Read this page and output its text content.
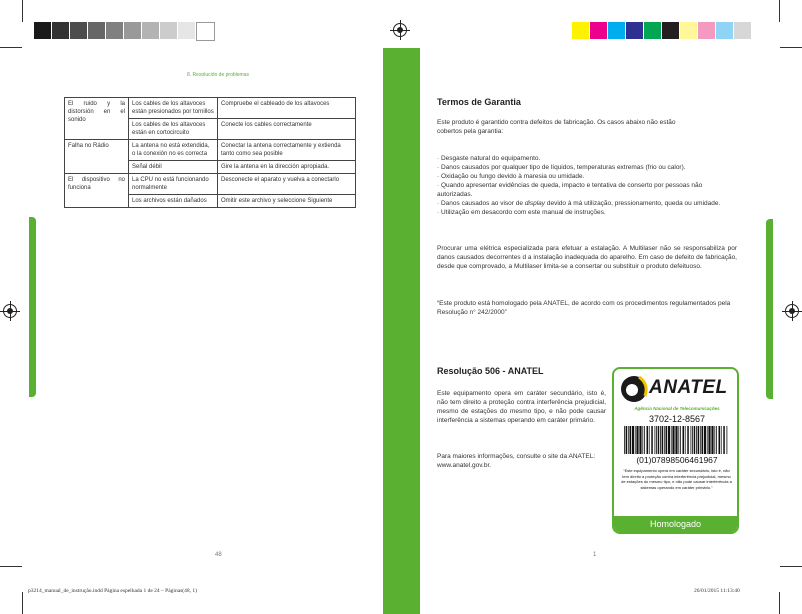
8. Resolución de problemas
El ruido y la distorsión en el sonido	Los cables de los altavoces están presionados por tornillos	Compruebe el cableado de los altavoces
	Los cables de los altavoces están en cortocircuito	Conecte los cables correctamente
Falha no Rádio	La antena no está extendida, o la conexión no es correcta	Conectar la antena correctamente y extienda tanto como sea posible
	Señal débil	Gire la antena en la dirección apropiada.
El dispositivo no funciona	La CPU no está funcionando normalmente	Desconecte el aparato y vuelva a conectarlo
	Los archivos están dañados	Omitir este archivo y seleccione Siguiente
48
Termos de Garantia
Este produto é garantido contra defeitos de fabricação. Os casos abaixo não estão cobertos pela garantia:
· Desgaste natural do equipamento.
· Danos causados por qualquer tipo de líquidos, temperaturas extremas (frio ou calor).
· Oxidação ou fungo devido à maresia ou umidade.
· Quando apresentar evidências de queda, impacto e tentativa de conserto por pessoas não autorizadas.
· Danos causados ao visor de display devido à má utilização, pressionamento, queda ou umidade.
· Utilização em desacordo com este manual de instruções.
Procurar uma elétrica especializada para efetuar a estalação. A Multilaser não se responsabiliza por danos causados decorrentes d a instalação inadequada do aparelho. Em caso de defeito de fabricação, desde que comprovado, a Multilaser limita-se a consertar ou substituir o produto defeituoso.
“Este produto está homologado pela ANATEL, de acordo com os procedimentos regulamentados pela Resolução n° 242/2000”
Resolução 506 - ANATEL
Este equipamento opera em caráter secundário, isto é, não tem direito a proteção contra interferência prejudicial, mesmo de estações do mesmo tipo, e não pode causar interferência a sistemas operando em caráter primário.
Para maiores informações, consulte o site da ANATEL: www.anatel.gov.br.
ANATEL
Agência Nacional de Telecomunicações
3702-12-8567
(01)07898506461967
“Este equipamento opera em caráter secundário, isto é, não tem direito a proteção contra interferência prejudicial, mesmo de estações do mesmo tipo, e não pode causar interferência a sistemas operando em caráter primário.”
Homologado
1
p3214_manual_de_instrução.indd Página espelhada 1 de 24 – Páginas(48, 1)	26/01/2015 11:13:40
